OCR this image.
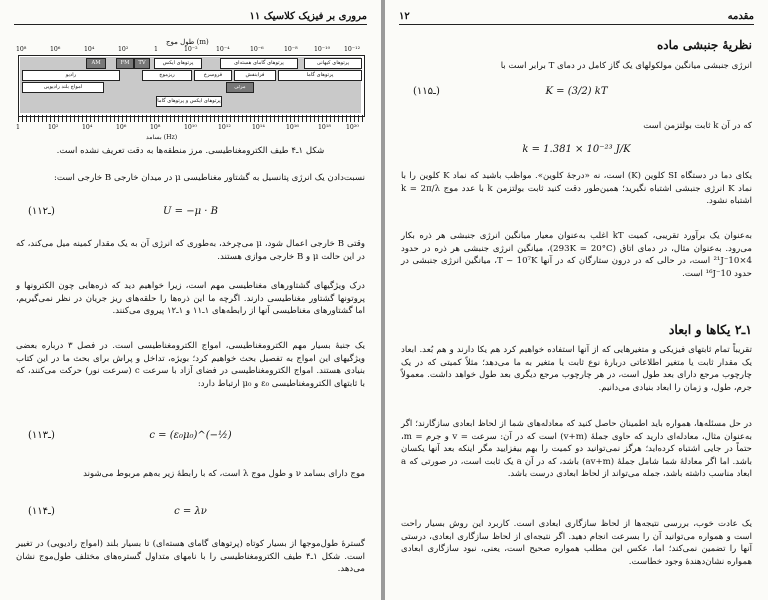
مروری بر فیزیک کلاسیک ۱۱
طول موج (m)
10⁸	10⁶	10⁴	10²	1	10⁻²	10⁻⁴	10⁻⁶	10⁻⁸	10⁻¹⁰ 10⁻¹²
AM	FM	TV	پرتوهای ایکس	پرتوهای گامای هسته‌ای	پرتوهای کیهانی
رادیو	ریزموج	فروسرخ	فرابنفش	پرتوهای گاما
امواج بلند رادیویی	مرئی
پرتوهای ایکس و پرتوهای گاما
1	10²	10⁴	10⁶	10⁸	10¹⁰	10¹²	10¹⁴	10¹⁶	10¹⁸ 10²⁰
بسامد (Hz)
شکل ۱ـ۴ طیف الکترومغناطیسی. مرز منطقه‌ها به دقت تعریف نشده است.
نسبت‌دادن یک انرژی پتانسیل به گشتاور مغناطیسی μ در میدان خارجی B خارجی است:
U = −μ · B
(۱ـ۱۲)
وقتی B خارجی اعمال شود، μ می‌چرخد، به‌طوری که انرژی آن به یک مقدار کمینه میل می‌کند، که در این حالت μ و B خارجی موازی هستند.
درک ویژگیهای گشتاورهای مغناطیسی مهم است، زیرا خواهیم دید که ذره‌هایی چون الکترونها و پروتونها گشتاور مغناطیسی دارند. اگرچه ما این ذره‌ها را حلقه‌های ریز جریان در نظر نمی‌گیریم، اما گشتاورهای مغناطیسی آنها از رابطه‌های ۱ـ۱۱ و ۱ـ۱۲ پیروی می‌کنند.
یک جنبهٔ بسیار مهم الکترومغناطیسی، امواج الکترومغناطیسی است. در فصل ۳ درباره بعضی ویژگیهای این امواج به تفصیل بحث خواهیم کرد؛ بویژه، تداخل و پراش برای بحث ما در این کتاب بنیادی هستند. امواج الکترومغناطیسی در فضای آزاد با سرعت c (سرعت نور) حرکت می‌کنند، که با ثابتهای الکترومغناطیسی ε₀ و μ₀ ارتباط دارد:
c = (ε₀μ₀)^(−½)
(۱ـ۱۳)
موج دارای بسامد ν و طول موج λ است، که با رابطهٔ زیر به‌هم مربوط می‌شوند
c = λν
(۱ـ۱۴)
گسترهٔ طول‌موجها از بسیار کوتاه (پرتوهای گامای هسته‌ای) تا بسیار بلند (امواج رادیویی) در تغییر است. شکل ۱ـ۴ طیف الکترومغناطیسی را با نامهای متداول گستره‌های مختلف طول‌موج نشان می‌دهد.
مقدمه
۱۲
نظریهٔ جنبشی ماده
انرژی جنبشی میانگین مولکولهای یک گاز کامل در دمای T برابر است با
K = (3/2) kT
(۱ـ۱۵)
که در آن k ثابت بولتزمن است
k = 1.381 × 10⁻²³ J/K
یکای دما در دستگاه SI کلوین (K) است، نه «درجهٔ کلوین». مواظب باشید که نماد K کلوین را با نماد K انرژی جنبشی اشتباه نگیرید؛ همین‌طور دقت کنید ثابت بولتزمن k با عدد موج k = 2π/λ اشتباه نشود.
به‌عنوان یک برآورد تقریبی، کمیت kT اغلب به‌عنوان معیار میانگین انرژی جنبشی هر ذره بکار می‌رود. به‌عنوان مثال، در دمای اتاق (293K = 20°C)، میانگین انرژی جنبشی هر ذره در حدود 4×10⁻²¹J است، در حالی که در درون ستارگان که در آنها T ~ 10⁷K، میانگین انرژی جنبشی در حدود 10⁻¹⁶J است.
۱ـ۲ یکاها و ابعاد
تقریباً تمام ثابتهای فیزیکی و متغیرهایی که از آنها استفاده خواهیم کرد هم یکا دارند و هم بُعد. ابعاد یک مقدار ثابت یا متغیر اطلاعاتی دربارهٔ نوع ثابت یا متغیر به ما می‌دهد؛ مثلاً کمیتی که در یک چارچوب مرجع دارای بعد طول است، در هر چارچوب مرجع دیگری بعد طول خواهد داشت. معمولاً جرم، طول، و زمان را ابعاد بنیادی می‌دانیم.
در حل مسئله‌ها، همواره باید اطمینان حاصل کنید که معادله‌های شما از لحاظ ابعادی سازگارند؛ اگر به‌عنوان مثال، معادله‌ای دارید که حاوی جملهٔ (v+m) است که در آن: سرعت = v و جرم = m، حتماً در جایی اشتباه کرده‌اید؛ هرگز نمی‌توانید دو کمیت را بهم بیفزایید مگر اینکه بعد آنها یکسان باشد. اما اگر معادلهٔ شما شامل جملهٔ (av+m) باشد، که در آن a یک ثابت است، در صورتی که a ابعاد مناسب داشته باشد، جمله می‌تواند از لحاظ ابعادی درست باشد.
یک عادت خوب، بررسی نتیجه‌ها از لحاظ سازگاری ابعادی است. کاربرد این روش بسیار راحت است و همواره می‌توانید آن را بسرعت انجام دهید. اگر نتیجه‌ای از لحاظ سازگاری ابعادی، درستی آنها را تضمین نمی‌کند؛ اما، عکس این مطلب همواره صحیح است، یعنی، نبود سازگاری ابعادی همواره نشان‌دهندهٔ وجود خطاست.
